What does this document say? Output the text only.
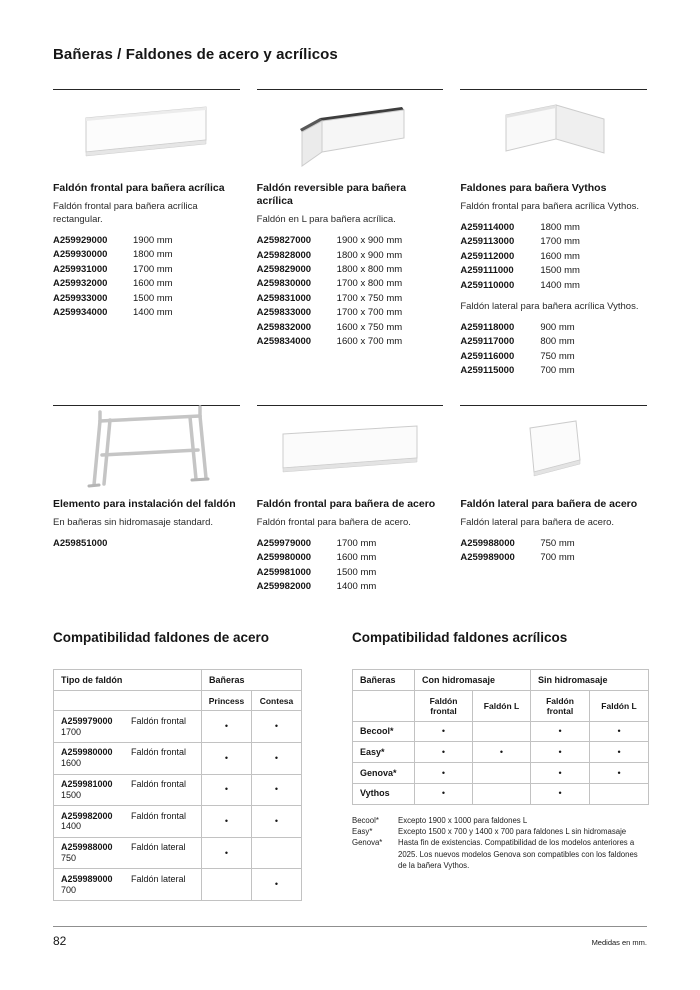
Bañeras / Faldones de acero y acrílicos
Faldón frontal para bañera acrílica

Faldón frontal para bañera acrílica rectangular.

A259929000	1900 mm
A259930000	1800 mm
A259931000	1700 mm
A259932000	1600 mm
A259933000	1500 mm
A259934000	1400 mm
Faldón reversible para bañera acrílica

Faldón en L para bañera acrílica.

A259827000	1900 x 900 mm
A259828000	1800 x 900 mm
A259829000	1800 x 800 mm
A259830000	1700 x 800 mm
A259831000	1700 x 750 mm
A259833000	1700 x 700 mm
A259832000	1600 x 750 mm
A259834000	1600 x 700 mm
Faldones para bañera Vythos

Faldón frontal para bañera acrílica Vythos.

A259114000	1800 mm
A259113000	1700 mm
A259112000	1600 mm
A259111000	1500 mm
A259110000	1400 mm

Faldón lateral para bañera acrílica Vythos.

A259118000	900 mm
A259117000	800 mm
A259116000	750 mm
A259115000	700 mm
Elemento para instalación del faldón

En bañeras sin hidromasaje standard.

A259851000	
Faldón frontal para bañera de acero

Faldón frontal para bañera de acero.

A259979000	1700 mm
A259980000	1600 mm
A259981000	1500 mm
A259982000	1400 mm
Faldón lateral para bañera de acero

Faldón lateral para bañera de acero.

A259988000	750 mm
A259989000	700 mm
Compatibilidad faldones de acero
Tipo de faldón	Bañeras	
	Princess	Contesa
A259979000 Faldón frontal 1700	•	•
A259980000 Faldón frontal 1600	•	•
A259981000 Faldón frontal 1500	•	•
A259982000 Faldón frontal 1400	•	•
A259988000 Faldón lateral 750	•	
A259989000 Faldón lateral 700		•
Compatibilidad faldones acrílicos
Bañeras	Con hidromasaje		Sin hidromasaje	
	Faldón frontal	Faldón L	Faldón frontal	Faldón L
Becool*	•		•	•
Easy*	•	•	•	•
Genova*	•		•	•
Vythos	•		•	
Becool*	Excepto 1900 x 1000 para faldones L
Easy*	Excepto 1500 x 700 y 1400 x 700 para faldones L sin hidromasaje
Genova*	Hasta fin de existencias. Compatibilidad de los modelos anteriores a 2025. Los nuevos modelos Genova son compatibles con los faldones de la bañera Vythos.
82	Medidas en mm.
